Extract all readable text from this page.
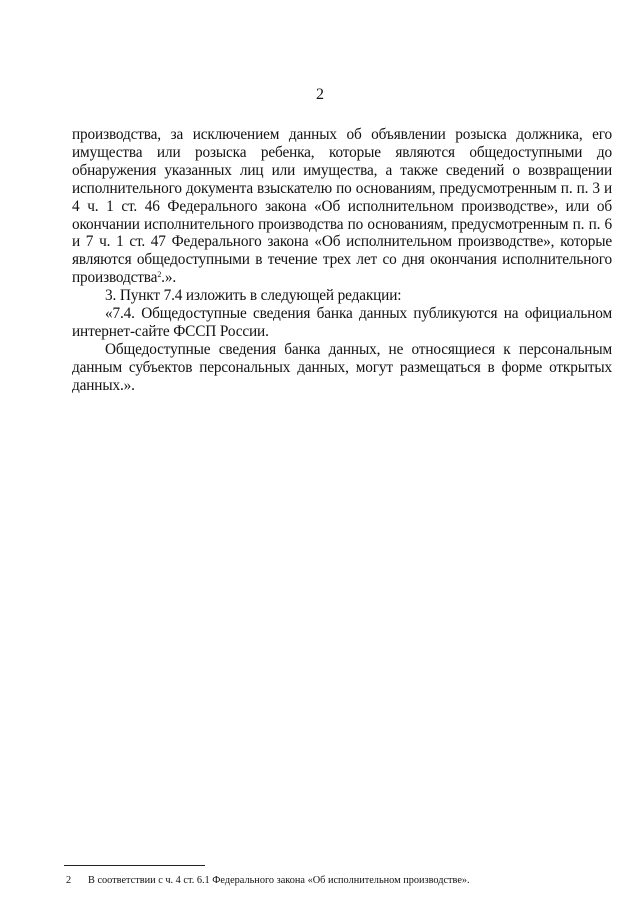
2

производства, за исключением данных об объявлении розыска должника, его имущества или розыска ребенка, которые являются общедоступными до обнаружения указанных лиц или имущества, а также сведений о возвращении исполнительного документа взыскателю по основаниям, предусмотренным п. п. 3 и 4 ч. 1 ст. 46 Федерального закона «Об исполнительном производстве», или об окончании исполнительного производства по основаниям, предусмотренным п. п. 6 и 7 ч. 1 ст. 47 Федерального закона «Об исполнительном производстве», которые являются общедоступными в течение трех лет со дня окончания исполнительного производства$^2$.».

3. Пункт 7.4 изложить в следующей редакции:

«7.4. Общедоступные сведения банка данных публикуются на официальном интернет-сайте ФССП России.

Общедоступные сведения банка данных, не относящиеся к персональным данным субъектов персональных данных, могут размещаться в форме открытых данных.».

2 В соответствии с ч. 4 ст. 6.1 Федерального закона «Об исполнительном производстве».
